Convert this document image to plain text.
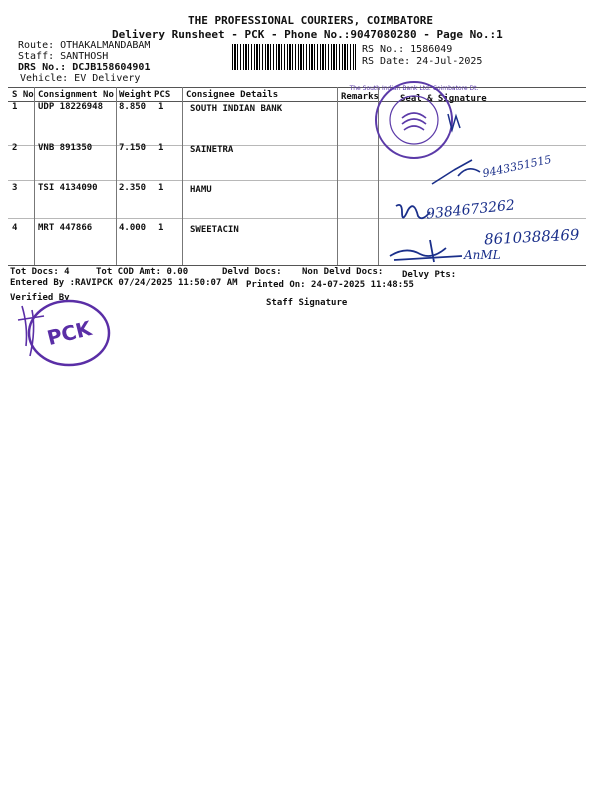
THE PROFESSIONAL COURIERS, COIMBATORE
Delivery Runsheet - PCK - Phone No.:9047080280 - Page No.:1
Route: OTHAKALMANDABAM
Staff: SANTHOSH
DRS No.: DCJB158604901
Vehicle: EV Delivery
RS No.: 1586049
RS Date: 24-Jul-2025
S No Consignment No Weight PCS Consignee Details	Remarks Seal & Signature
1 UDP 18226948 8.850 1	SOUTH INDIAN BANK
2 VNB 891350	7.150 1	SAINETRA
3 TSI 4134090 2.350 1	HAMU
4 MRT 447866	4.000 1	SWEETACIN
The South Indian Bank Ltd. Coimbatore Dt.
9443351515
9384673262
8610388469
AnML
Tot Docs: 4	Tot COD Amt: 0.00	Delvd Docs: Non Delvd Docs: Delvy Pts:
Entered By :RAVIPCK 07/24/2025 11:50:07 AM Printed On: 24-07-2025 11:48:55
Verified By	Staff Signature
PCK
